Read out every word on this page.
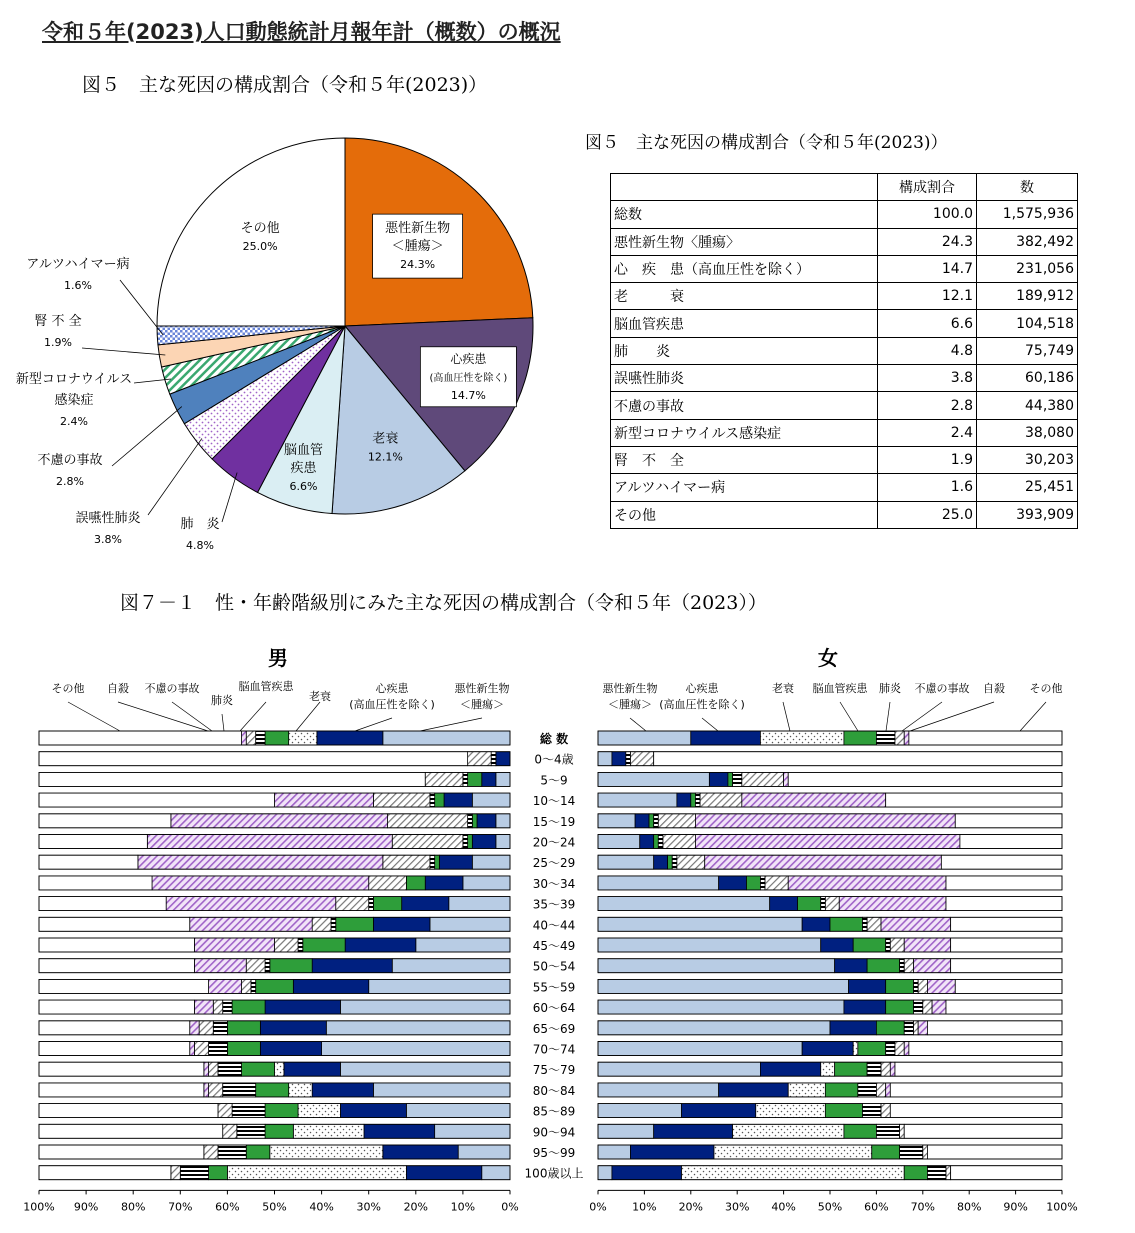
令和５年(2023)人口動態統計月報年計（概数）の概況
図５　主な死因の構成割合（令和５年(2023)）
悪性新生物
＜腫瘍＞
24.3%
心疾患
(高血圧性を除く)
14.7%
老衰
12.1%
脳血管
疾患
6.6%
その他
25.0%
肺　炎
4.8%
誤嚥性肺炎
3.8%
不慮の事故
2.8%
新型コロナウイルス
感染症
2.4%
腎 不 全
1.9%
アルツハイマー病
1.6%
図５　主な死因の構成割合（令和５年(2023)）
	構成割合	数
総数	100.0	1,575,936
悪性新生物〈腫瘍〉	24.3	382,492
心　疾　患（高血圧性を除く）	14.7	231,056
老　　　衰	12.1	189,912
脳血管疾患	6.6	104,518
肺　　炎	4.8	75,749
誤嚥性肺炎	3.8	60,186
不慮の事故	2.8	44,380
新型コロナウイルス感染症	2.4	38,080
腎　不　全	1.9	30,203
アルツハイマー病	1.6	25,451
その他	25.0	393,909
図７－１　性・年齢階級別にみた主な死因の構成割合（令和５年（2023））
男	女
その他 自殺 不慮の事故
肺炎
脳血管疾患
老衰
心疾患
(高血圧性を除く)
悪性新生物
＜腫瘍＞
悪性新生物
＜腫瘍＞
心疾患
(高血圧性を除く)
老衰 脳血管疾患 肺炎 不慮の事故 自殺 その他
総 数
0～4歳
5～9
10～14
15～19
20～24
25～29
30～34
35～39
40～44
45～49
50～54
55～59
60～64
65～69
70～74
75～79
80～84
85～89
90～94
95～99
100歳以上
100% 90% 80% 70% 60% 50% 40% 30% 20% 10% 0%	0% 10% 20% 30% 40% 50% 60% 70% 80% 90% 100%
